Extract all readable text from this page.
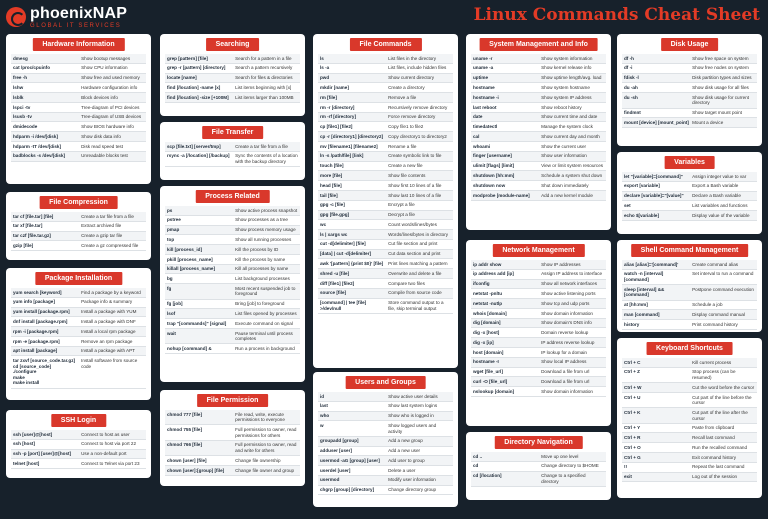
phoenixNAP
GLOBAL IT SERVICES
Linux Commands Cheat Sheet
Hardware Information
dmesg	Show bootup messages
cat /proc/cpuinfo	Show CPU information
free -h	Show free and used memory
lshw	Hardware configuration info
lsblk	Block devices info
lspci -tv	Tree-diagram of PCI devices
lsusb -tv	Tree-diagram of USB devices
dmidecode	Show BIOS hardware info
hdparm -i /dev/[disk]	Show disk data info
hdparm -tT /dev/[disk]	Disk read speed test
badblocks -s /dev/[disk]	Unreadable blocks test
File Compression
tar cf [file.tar] [file]	Create a tar file from a file
tar xf [file.tar]	Extract archived file
tar czf [file.tar.gz]	Create a gzip tar file
gzip [file]	Create a gz compressed file
Package Installation
yum search [keyword]	Find a package by a keyword
yum info [package]	Package info & summary
yum install [package.rpm]	Install a package with YUM
dnf install [package.rpm]	Install a package with DNF
rpm -i [package.rpm]	Install a local rpm package
rpm -e [package.rpm]	Remove an rpm package
apt install [package]	Install a package with APT
tar zxvf [source_code.tar.gz]
cd [source_code]
./configure
make
make install
Install software from source code
SSH Login
ssh [user]@[host]	Connect to host as user
ssh [host]	Connect to host via port 22
ssh -p [port] [user]@[host]	Use a non-default port
telnet [host]	Connect to Telnet via port 23
Searching
grep [pattern] [file]	Search for a pattern in a file
grep -r [pattern] [directory]	Search a pattern recursively
locate [name]	Search for files & directories
find [/location] -name [x]	List items beginning with [x]
find [/location] -size [+100M]	List items larger than 100MB
File Transfer
scp [file.txt] [server/tmp]	Create a tar file from a file
rsync -a [/location] [/backup]	Sync the contents of a location with the backup directory
Process Related
ps	Show active process snapshot
pstree	Show processes as a tree
pmap	Show process memory usage
top	Show all running processes
kill [process_id]	Kill the process by ID
pkill [process_name]	Kill the process by name
killall [process_name]	Kill all processes by name
bg	List background processes
fg	Most recent suspended job to foreground
fg [job]	Bring [job] to foreground
lsof	List files opened by processes
trap "[commands]" [signal]	Execute command on signal
wait	Pause terminal until process completes
nohup [command] &	Run a process in background
File Permission
chmod 777 [file]	File read, write, execute permissions to everyone
chmod 755 [file]	Full permission to owner, read permissions for others
chmod 766 [file]	Full permission to owner, read and write for others
chown [user] [file]	Change file ownership
chown [user]:[group] [file]	Change file owner and group
File Commands
ls	List files in the directory
ls -a	List files, include hidden files
pwd	Show current directory
mkdir [name]	Create a directory
rm [file]	Remove a file
rm -r [directory]	Recursively remove directory
rm -rf [directory]	Force remove directory
cp [file1] [file2]	Copy file1 to file2
cp -r [directory1] [directory2]	Copy directory1 to directory2
mv [filename1] [filename2]	Rename a file
ln -s /path/file] [link]	Create symbolic link to file
touch [file]	Create a new file
more [file]	Show file contents
head [file]	Show first 10 lines of a file
tail [file]	Show last 10 lines of a file
gpg -c [file]	Encrypt a file
gpg [file.gpg]	Decrypt a file
wc	Count words/lines/bytes
ls | xargs wc	Words/lines/bytes in directory
cut -d[delimiter] [file]	Cut file section and print
[data] | cut -d[delimiter]	Cut data section and print
awk '[pattern] {print $0}' [file]	Print lines matching a pattern
shred -u [file]	Overwrite and delete a file
diff [file1] [file2]	Compare two files
source [file]	Compile from source code
[command] | tee [file] >/dev/null
Store command output to a file, skip terminal output
Users and Groups
id	Show active user details
last	Show last system logins
who	Show who is logged in
w	Show logged users and activity
groupadd [group]	Add a new group
adduser [user]	Add a new user
usermod -aG [group] [user]	Add user to group
userdel [user]	Delete a user
usermod	Modify user information
chgrp [group] [directory]	Change directory group
System Management and Info
uname -r	Show system information
uname -a	Show kernel release info
uptime	Show uptime length/avg. load
hostname	Show system hostname
hostname -i	Show system IP address
last reboot	Show reboot history
date	Show current time and date
timedatectl	Manage the system clock
cal	Show current day and month
whoami	Show the current user
finger [username]	Show user information
ulimit [flags] [limit]	View or limit system resources
shutdown [hh:mm]	Schedule a system shut down
shutdown now	Shut down immediately
modprobe [module-name]	Add a new kernel module
Network Management
ip addr show	Show IP addresses
ip address add [ip]	Assign IP address to interface
ifconfig	Show all network interfaces
netstat -pnltu	Show active listening ports
netstat -nutlp	Show tcp and udp ports
whois [domain]	Show domain information
dig [domain]	Show domain's DNS info
dig -x [host]	Domain reverse lookup
dig -x [ip]	IP address reverse lookup
host [domain]	IP lookup for a domain
hostname -I	Show local IP address
wget [file_url]	Download a file from url
curl -O [file_url]	Download a file from url
nslookup [domain]	Show domain information
Directory Navigation
cd ..	Move up one level
cd	Change directory to $HOME
cd [/location]	Change to a specified directory
Disk Usage
df -h	Show free space on system
df -i	Show free nodes on system
fdisk -l	Disk partition types and sizes
du -ah	Show disk usage for all files
du -sh	Show disk usage for current directory
findmnt	Show target mount point
mount [device] [mount_point] Mount a device
Variables
let "[variable]=[command]"	Assign integer value to var
export [variable]	Export a Bash variable
declare [variable]="[value]"	Declare a Bash variable
set	List variables and functions
echo $[variable]	Display value of the variable
Shell Command Management
alias [alias]='[command]'	Create command alias
watch -n [interval] [command]
Set interval to run a command
sleep [interval] && [command]
Postpone command execution
at [hh:mm]	Schedule a job
man [command]	Display command manual
history	Print command history
Keyboard Shortcuts
Ctrl + C	Kill current process
Ctrl + Z	Stop process (can be resumed)
Ctrl + W	Cut the word before the cursor
Ctrl + U	Cut part of the line before the cursor
Ctrl + K	Cut part of the line after the cursor
Ctrl + Y	Paste from clipboard
Ctrl + R	Recall last command
Ctrl + O	Run the recalled command
Ctrl + G	Exit command history
!!	Repeat the last command
exit	Log out of the session
